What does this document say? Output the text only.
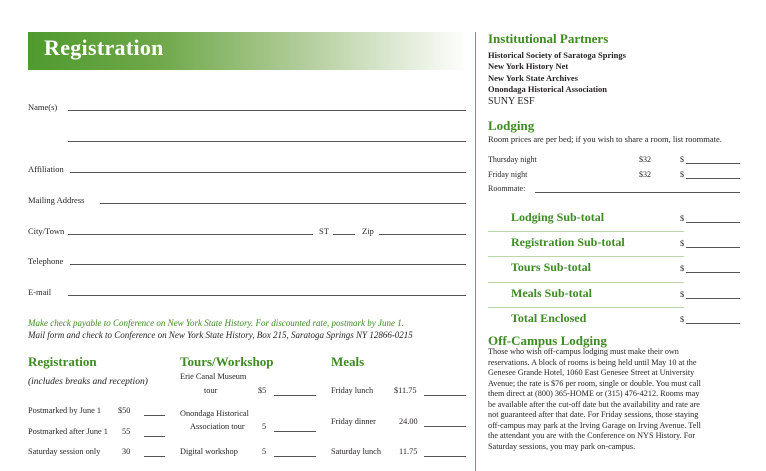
Registration
Name(s)
Affiliation
Mailing Address
City/Town	ST	Zip
Telephone
E-mail
Make check payable to Conference on New York State History. For discounted rate, postmark by June 1.
Mail form and check to Conference on New York State History, Box 215, Saratoga Springs NY 12866-0215
Registration
(includes breaks and reception)
Postmarked by June 1 $50
Postmarked after June 1 55
Saturday session only	30
Tours/Workshop
Erie Canal Museum
tour	$5
Onondaga Historical
Association tour 5
Digital workshop	5
Meals
Friday lunch	$11.75
Friday dinner	24.00
Saturday lunch 11.75
Institutional Partners
Historical Society of Saratoga Springs
New York History Net
New York State Archives
Onondaga Historical Association
SUNY ESF
Lodging
Room prices are per bed; if you wish to share a room, list roommate.
Thursday night	$32	$
Friday night	$32	$
Roommate:
Lodging Sub-total	$
Registration Sub-total	$
Tours Sub-total	$
Meals Sub-total	$
Total Enclosed	$
Off-Campus Lodging
Those who wish off-campus lodging must make their own
reservations. A block of rooms is being held until May 10 at the
Genesee Grande Hotel, 1060 East Genesee Street at University
Avenue; the rate is $76 per room, single or double. You must call
them direct at (800) 365-HOME or (315) 476-4212. Rooms may
be available after the cut-off date but the availability and rate are
not guaranteed after that date. For Friday sessions, those staying
off-campus may park at the Irving Garage on Irving Avenue. Tell
the attendant you are with the Conference on NYS History. For
Saturday sessions, you may park on-campus.
